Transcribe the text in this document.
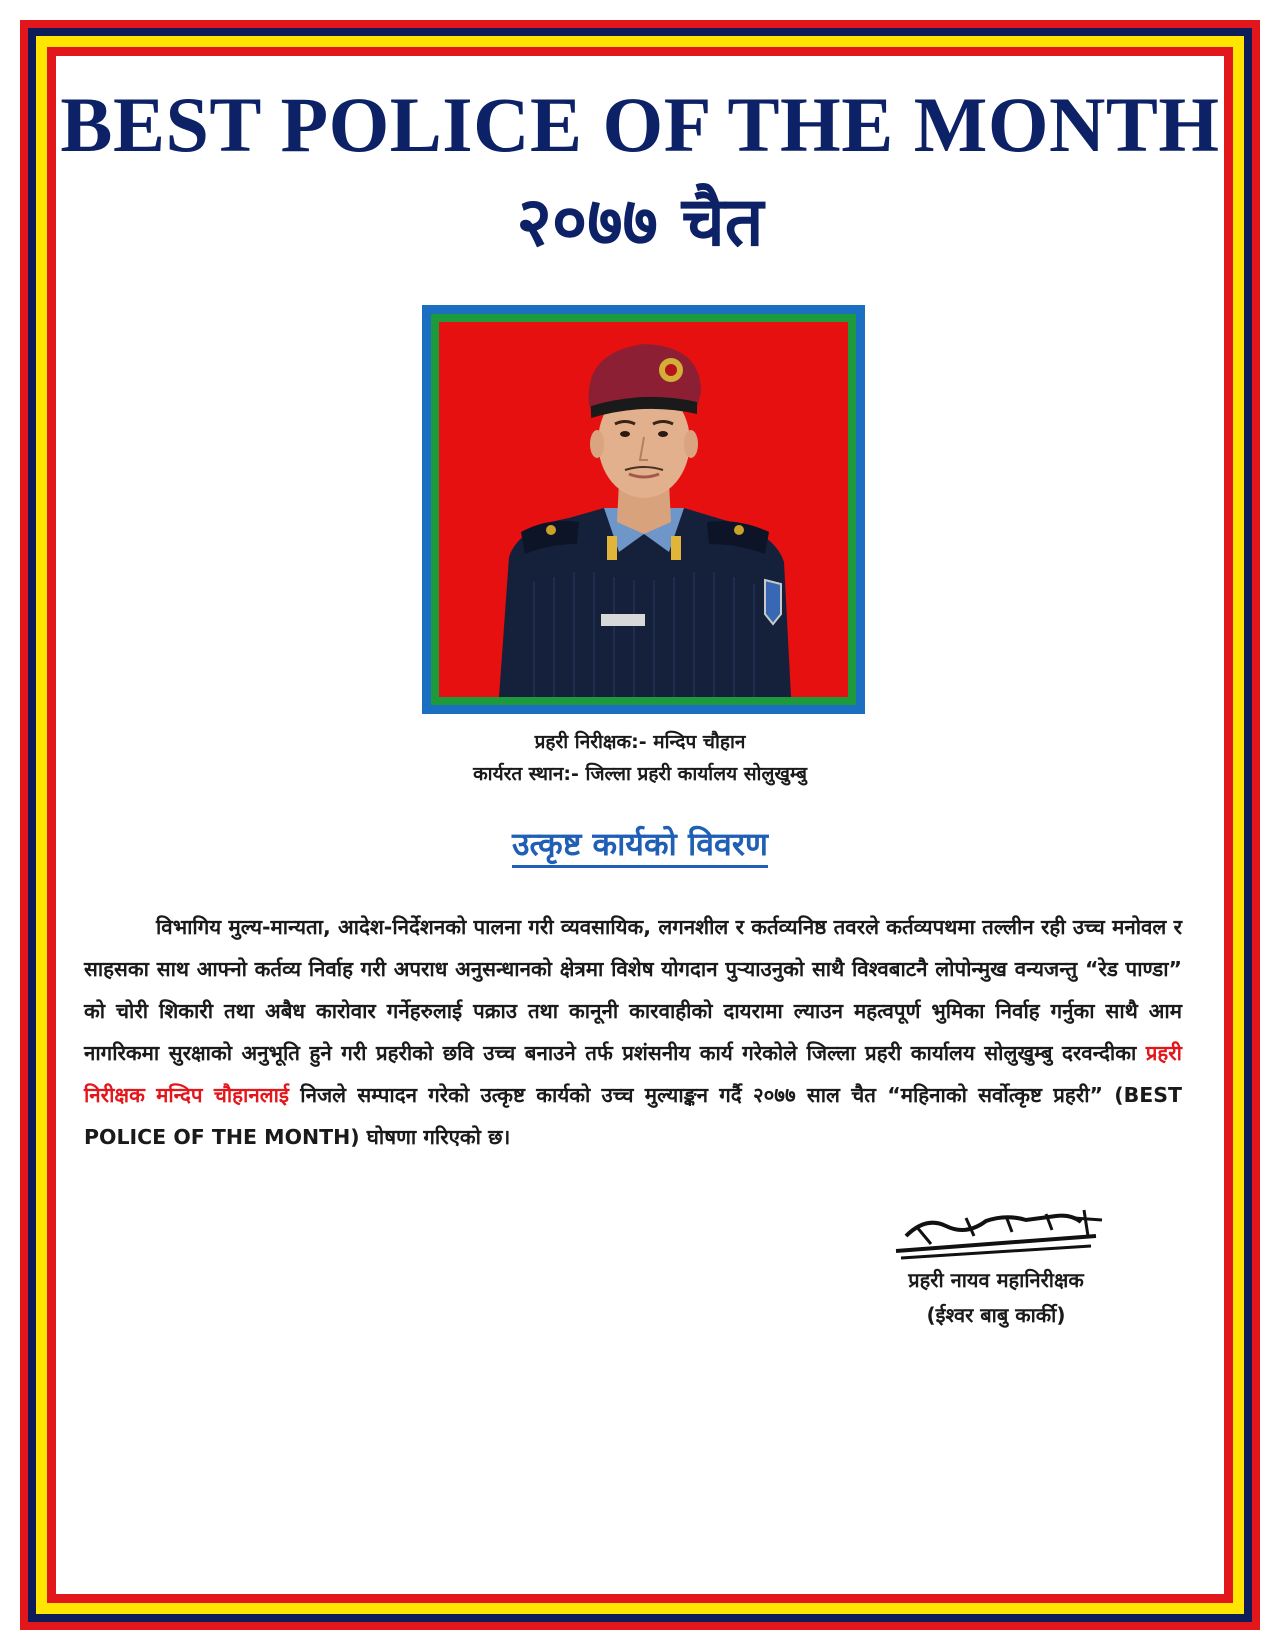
BEST POLICE OF THE MONTH
२०७७ चैत
प्रहरी निरीक्षक:- मन्दिप चौहान
कार्यरत स्थान:- जिल्ला प्रहरी कार्यालय सोलुखुम्बु
उत्कृष्ट कार्यको विवरण

विभागिय मुल्य-मान्यता, आदेश-निर्देशनको पालना गरी व्यवसायिक, लगनशील र कर्तव्यनिष्ठ तवरले कर्तव्यपथमा तल्लीन रही उच्च मनोवल र साहसका साथ आफ्नो कर्तव्य निर्वाह गरी अपराध अनुसन्धानको क्षेत्रमा विशेष योगदान पुर्‍याउनुको साथै विश्वबाटनै लोपोन्मुख वन्यजन्तु “रेड पाण्डा” को चोरी शिकारी तथा अबैध कारोवार गर्नेहरुलाई पक्राउ तथा कानूनी कारवाहीको दायरामा ल्याउन महत्वपूर्ण भुमिका निर्वाह गर्नुका साथै आम नागरिकमा सुरक्षाको अनुभूति हुने गरी प्रहरीको छवि उच्च बनाउने तर्फ प्रशंसनीय कार्य गरेकोले जिल्ला प्रहरी कार्यालय सोलुखुम्बु दरवन्दीका प्रहरी निरीक्षक मन्दिप चौहानलाई निजले सम्पादन गरेको उत्कृष्ट कार्यको उच्च मुल्याङ्कन गर्दै २०७७ साल चैत “महिनाको सर्वोत्कृष्ट प्रहरी” (BEST POLICE OF THE MONTH) घोषणा गरिएको छ।

प्रहरी नायव महानिरीक्षक
(ईश्वर बाबु कार्की)
